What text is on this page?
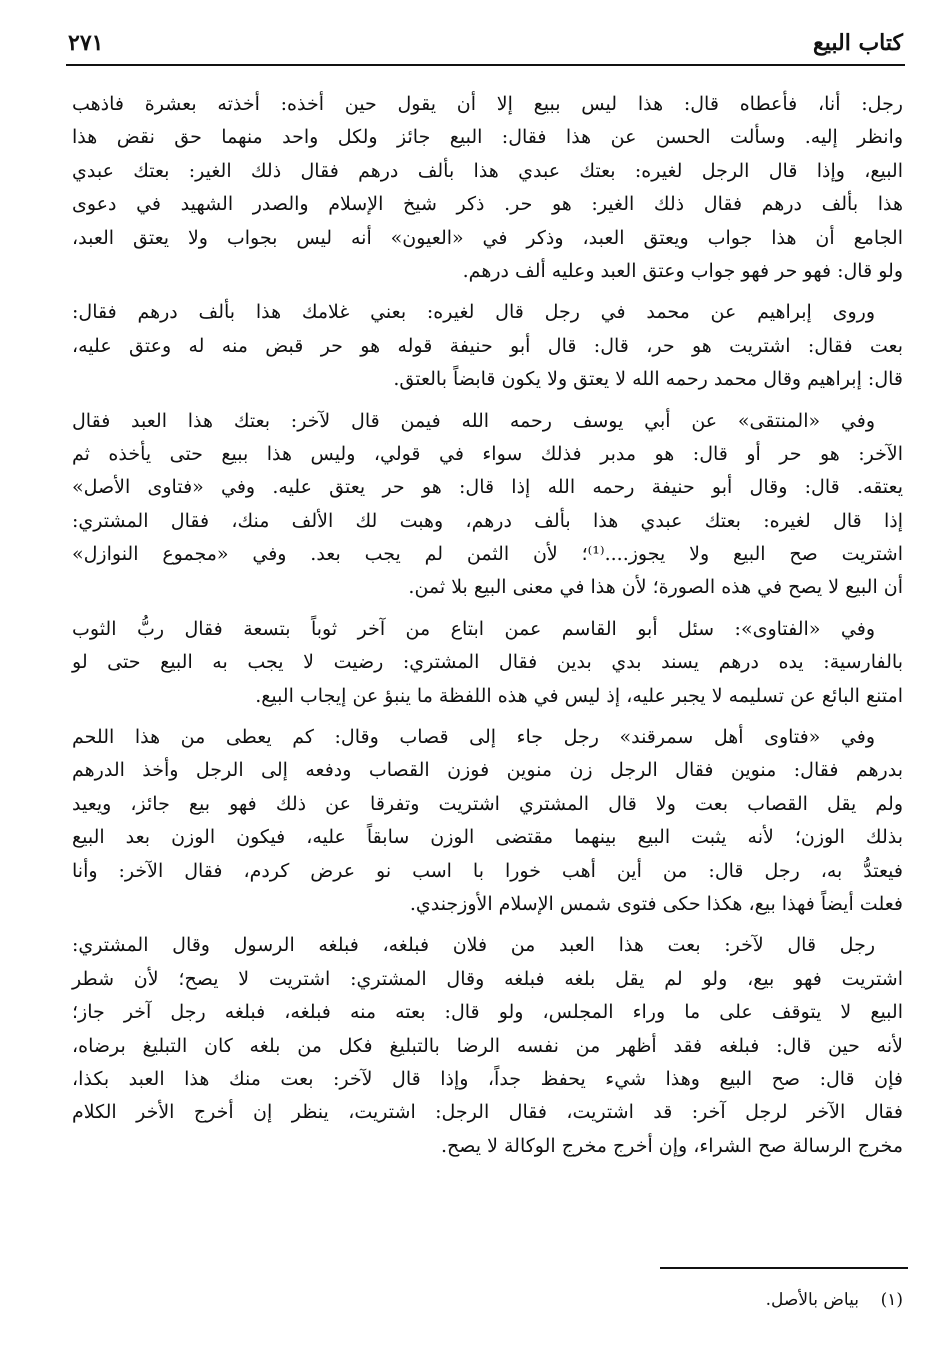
كتاب البيع
٢٧١
رجل: أنا، فأعطاه قال: هذا ليس ببيع إلا أن يقول حين أخذه: أخذته بعشرة فاذهب
وانظر إليه. وسألت الحسن عن هذا فقال: البيع جائز ولكل واحد منهما حق نقض هذا
البيع، وإذا قال الرجل لغيره: بعتك عبدي هذا بألف درهم فقال ذلك الغير: بعتك عبدي
هذا بألف درهم فقال ذلك الغير: هو حر. ذكر شيخ الإسلام والصدر الشهيد في دعوى
الجامع أن هذا جواب ويعتق العبد، وذكر في «العيون» أنه ليس بجواب ولا يعتق العبد،
ولو قال: فهو حر فهو جواب وعتق العبد وعليه ألف درهم.
وروى إبراهيم عن محمد في رجل قال لغيره: بعني غلامك هذا بألف درهم فقال:
بعت فقال: اشتريت هو حر، قال: قال أبو حنيفة قوله هو حر قبض منه له وعتق عليه،
قال: إبراهيم وقال محمد رحمه الله لا يعتق ولا يكون قابضاً بالعتق.
وفي «المنتقى» عن أبي يوسف رحمه الله فيمن قال لآخر: بعتك هذا العبد فقال
الآخر: هو حر أو قال: هو مدبر فذلك سواء في قولي، وليس هذا ببيع حتى يأخذه ثم
يعتقه. قال: وقال أبو حنيفة رحمه الله إذا قال: هو حر يعتق عليه. وفي «فتاوى الأصل»
إذا قال لغيره: بعتك عبدي هذا بألف درهم، وهبت لك الألف منك، فقال المشتري:
اشتريت صح البيع ولا يجوز....⁽¹⁾؛ لأن الثمن لم يجب بعد. وفي «مجموع النوازل»
أن البيع لا يصح في هذه الصورة؛ لأن هذا في معنى البيع بلا ثمن.
وفي «الفتاوى»: سئل أبو القاسم عمن ابتاع من آخر ثوباً بتسعة فقال ربُّ الثوب
بالفارسية: يده درهم يسند بدي بدين فقال المشتري: رضيت لا يجب به البيع حتى لو
امتنع البائع عن تسليمه لا يجبر عليه، إذ ليس في هذه اللفظة ما ينبؤ عن إيجاب البيع.
وفي «فتاوى أهل سمرقند» رجل جاء إلى قصاب وقال: كم يعطى من هذا اللحم
بدرهم فقال: منوين فقال الرجل زن منوين فوزن القصاب ودفعه إلى الرجل وأخذ الدرهم
ولم يقل القصاب بعت ولا قال المشتري اشتريت وتفرقا عن ذلك فهو بيع جائز، ويعيد
بذلك الوزن؛ لأنه يثبت البيع بينهما مقتضى الوزن سابقاً عليه، فيكون الوزن بعد البيع
فيعتدُّ به، رجل قال: من أين أهب خورا با اسب نو عرض كردم، فقال الآخر: وأنا
فعلت أيضاً فهذا بيع، هكذا حكى فتوى شمس الإسلام الأوزجندي.
رجل قال لآخر: بعت هذا العبد من فلان فبلغه، فبلغه الرسول وقال المشتري:
اشتريت فهو بيع، ولو لم يقل بلغه فبلغه وقال المشتري: اشتريت لا يصح؛ لأن شطر
البيع لا يتوقف على ما وراء المجلس، ولو قال: بعته منه فبلغه، فبلغه رجل آخر جاز؛
لأنه حين قال: فبلغه فقد أظهر من نفسه الرضا بالتبليغ فكل من بلغه كان التبليغ برضاه،
فإن قال: صح البيع وهذا شيء يحفظ جداً، وإذا قال لآخر: بعت منك هذا العبد بكذا،
فقال الآخر لرجل آخر: قد اشتريت، فقال الرجل: اشتريت، ينظر إن أخرج الأخر الكلام
مخرج الرسالة صح الشراء، وإن أخرج مخرج الوكالة لا يصح.
(١)    بياض بالأصل.
